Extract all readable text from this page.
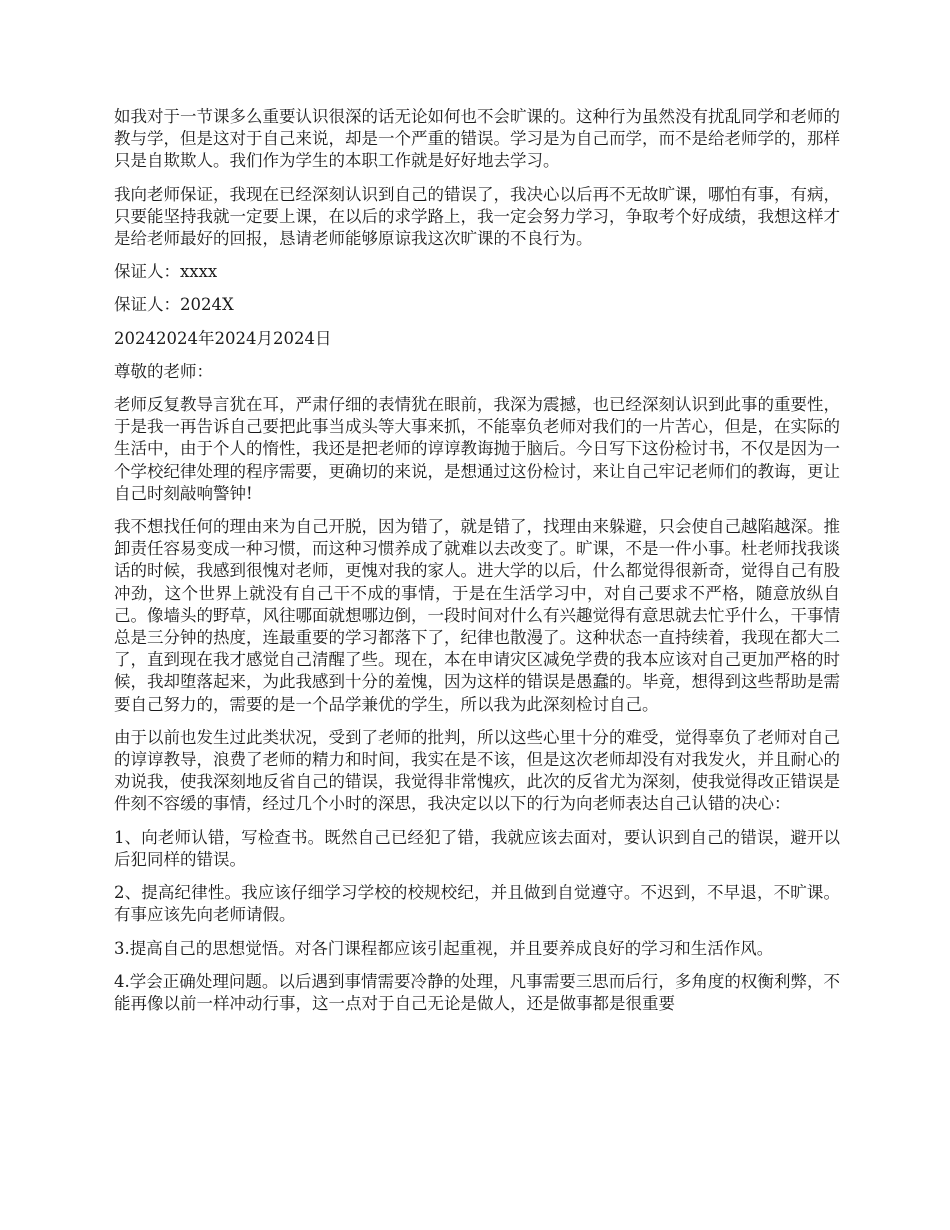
如我对于一节课多么重要认识很深的话无论如何也不会旷课的。这种行为虽然没有扰乱同学和老师的教与学，但是这对于自己来说，却是一个严重的错误。学习是为自己而学，而不是给老师学的，那样只是自欺欺人。我们作为学生的本职工作就是好好地去学习。

我向老师保证，我现在已经深刻认识到自己的错误了，我决心以后再不无故旷课，哪怕有事，有病，只要能坚持我就一定要上课，在以后的求学路上，我一定会努力学习，争取考个好成绩，我想这样才是给老师最好的回报，恳请老师能够原谅我这次旷课的不良行为。

保证人：xxxx

保证人：2024X

20242024年2024月2024日

尊敬的老师：

老师反复教导言犹在耳，严肃仔细的表情犹在眼前，我深为震撼，也已经深刻认识到此事的重要性，于是我一再告诉自己要把此事当成头等大事来抓，不能辜负老师对我们的一片苦心，但是，在实际的生活中，由于个人的惰性，我还是把老师的谆谆教诲抛于脑后。今日写下这份检讨书，不仅是因为一个学校纪律处理的程序需要，更确切的来说，是想通过这份检讨，来让自己牢记老师们的教诲，更让自己时刻敲响警钟!

我不想找任何的理由来为自己开脱，因为错了，就是错了，找理由来躲避，只会使自己越陷越深。推卸责任容易变成一种习惯，而这种习惯养成了就难以去改变了。旷课，不是一件小事。杜老师找我谈话的时候，我感到很愧对老师，更愧对我的家人。进大学的以后，什么都觉得很新奇，觉得自己有股冲劲，这个世界上就没有自己干不成的事情，于是在生活学习中，对自己要求不严格，随意放纵自己。像墙头的野草，风往哪面就想哪边倒，一段时间对什么有兴趣觉得有意思就去忙乎什么，干事情总是三分钟的热度，连最重要的学习都落下了，纪律也散漫了。这种状态一直持续着，我现在都大二了，直到现在我才感觉自己清醒了些。现在，本在申请灾区减免学费的我本应该对自己更加严格的时候，我却堕落起来，为此我感到十分的羞愧，因为这样的错误是愚蠢的。毕竟，想得到这些帮助是需要自己努力的，需要的是一个品学兼优的学生，所以我为此深刻检讨自己。

由于以前也发生过此类状况，受到了老师的批判，所以这些心里十分的难受，觉得辜负了老师对自己的谆谆教导，浪费了老师的精力和时间，我实在是不该，但是这次老师却没有对我发火，并且耐心的劝说我，使我深刻地反省自己的错误，我觉得非常愧疚，此次的反省尤为深刻，使我觉得改正错误是件刻不容缓的事情，经过几个小时的深思，我决定以以下的行为向老师表达自己认错的决心：

1、向老师认错，写检查书。既然自己已经犯了错，我就应该去面对，要认识到自己的错误，避开以后犯同样的错误。

2、提高纪律性。我应该仔细学习学校的校规校纪，并且做到自觉遵守。不迟到，不早退，不旷课。有事应该先向老师请假。

3.提高自己的思想觉悟。对各门课程都应该引起重视，并且要养成良好的学习和生活作风。

4.学会正确处理问题。以后遇到事情需要冷静的处理，凡事需要三思而后行，多角度的权衡利弊，不能再像以前一样冲动行事，这一点对于自己无论是做人，还是做事都是很重要
